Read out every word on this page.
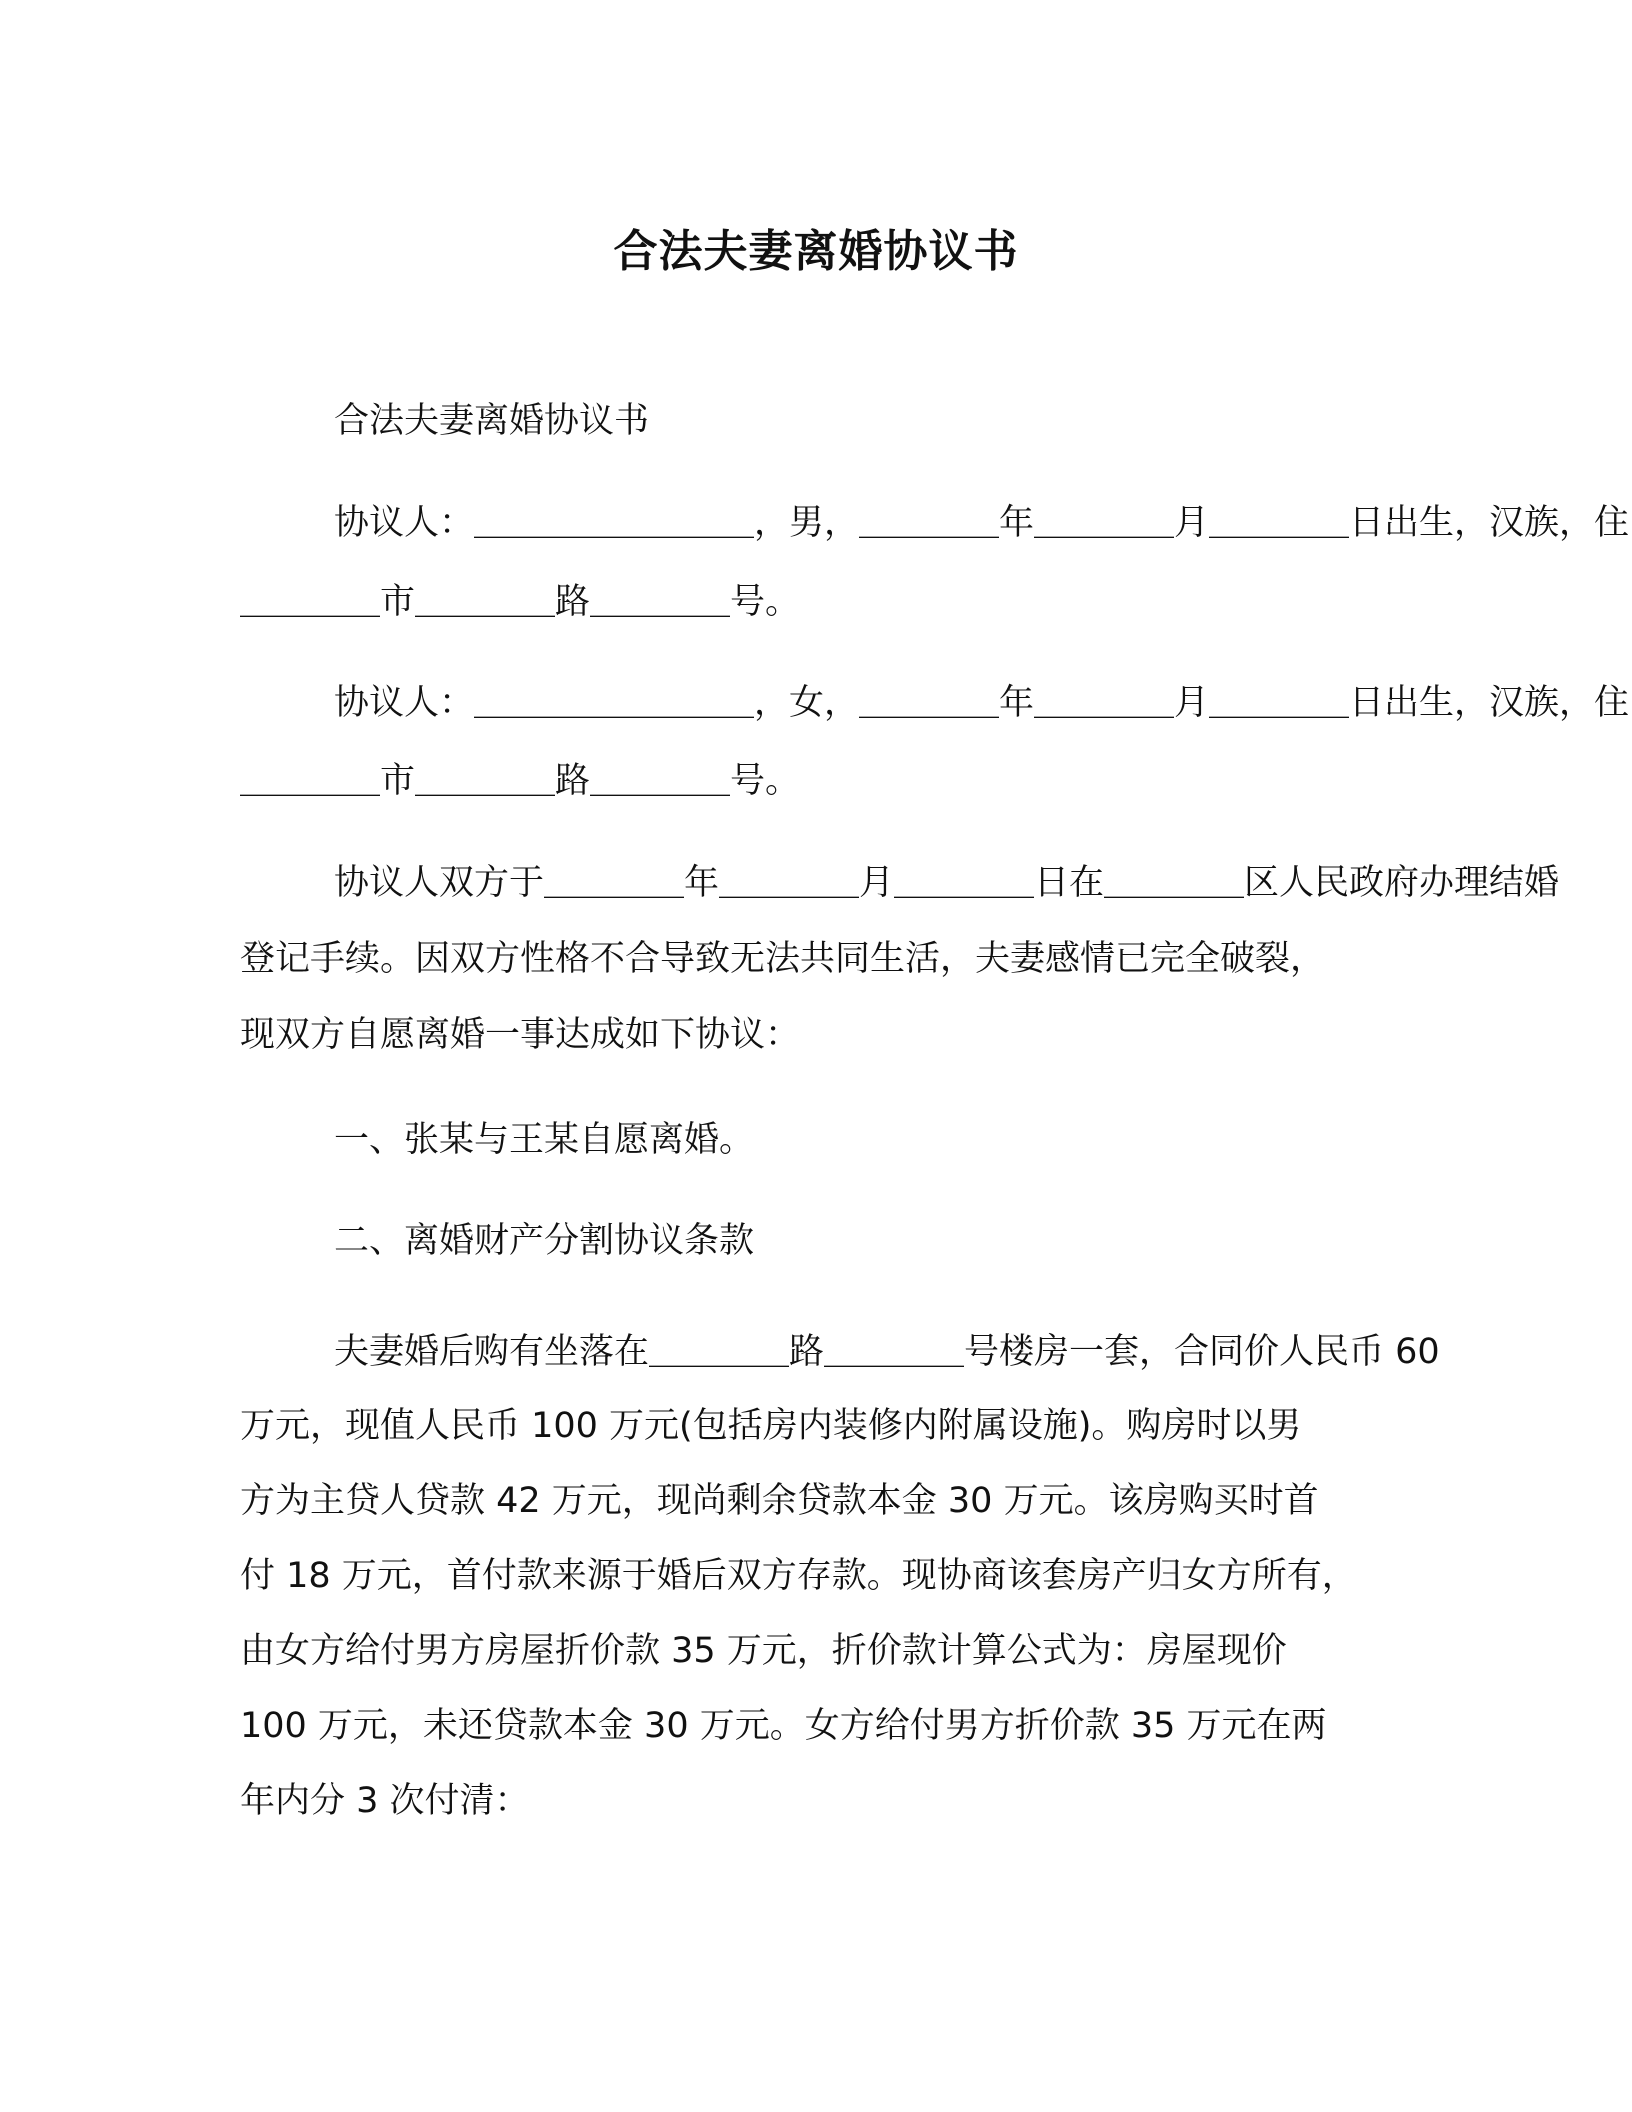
合法夫妻离婚协议书
合法夫妻离婚协议书
协议人：＿＿＿＿＿＿＿＿，男，＿＿＿＿年＿＿＿＿月＿＿＿＿日出生，汉族，住
＿＿＿＿市＿＿＿＿路＿＿＿＿号。
协议人：＿＿＿＿＿＿＿＿，女，＿＿＿＿年＿＿＿＿月＿＿＿＿日出生，汉族，住
＿＿＿＿市＿＿＿＿路＿＿＿＿号。
协议人双方于＿＿＿＿年＿＿＿＿月＿＿＿＿日在＿＿＿＿区人民政府办理结婚
登记手续。因双方性格不合导致无法共同生活，夫妻感情已完全破裂，
现双方自愿离婚一事达成如下协议：
一、张某与王某自愿离婚。
二、离婚财产分割协议条款
夫妻婚后购有坐落在＿＿＿＿路＿＿＿＿号楼房一套，合同价人民币 60
万元，现值人民币 100 万元(包括房内装修内附属设施)。购房时以男
方为主贷人贷款 42 万元，现尚剩余贷款本金 30 万元。该房购买时首
付 18 万元，首付款来源于婚后双方存款。现协商该套房产归女方所有，
由女方给付男方房屋折价款 35 万元，折价款计算公式为：房屋现价
100 万元，未还贷款本金 30 万元。女方给付男方折价款 35 万元在两
年内分 3 次付清：
